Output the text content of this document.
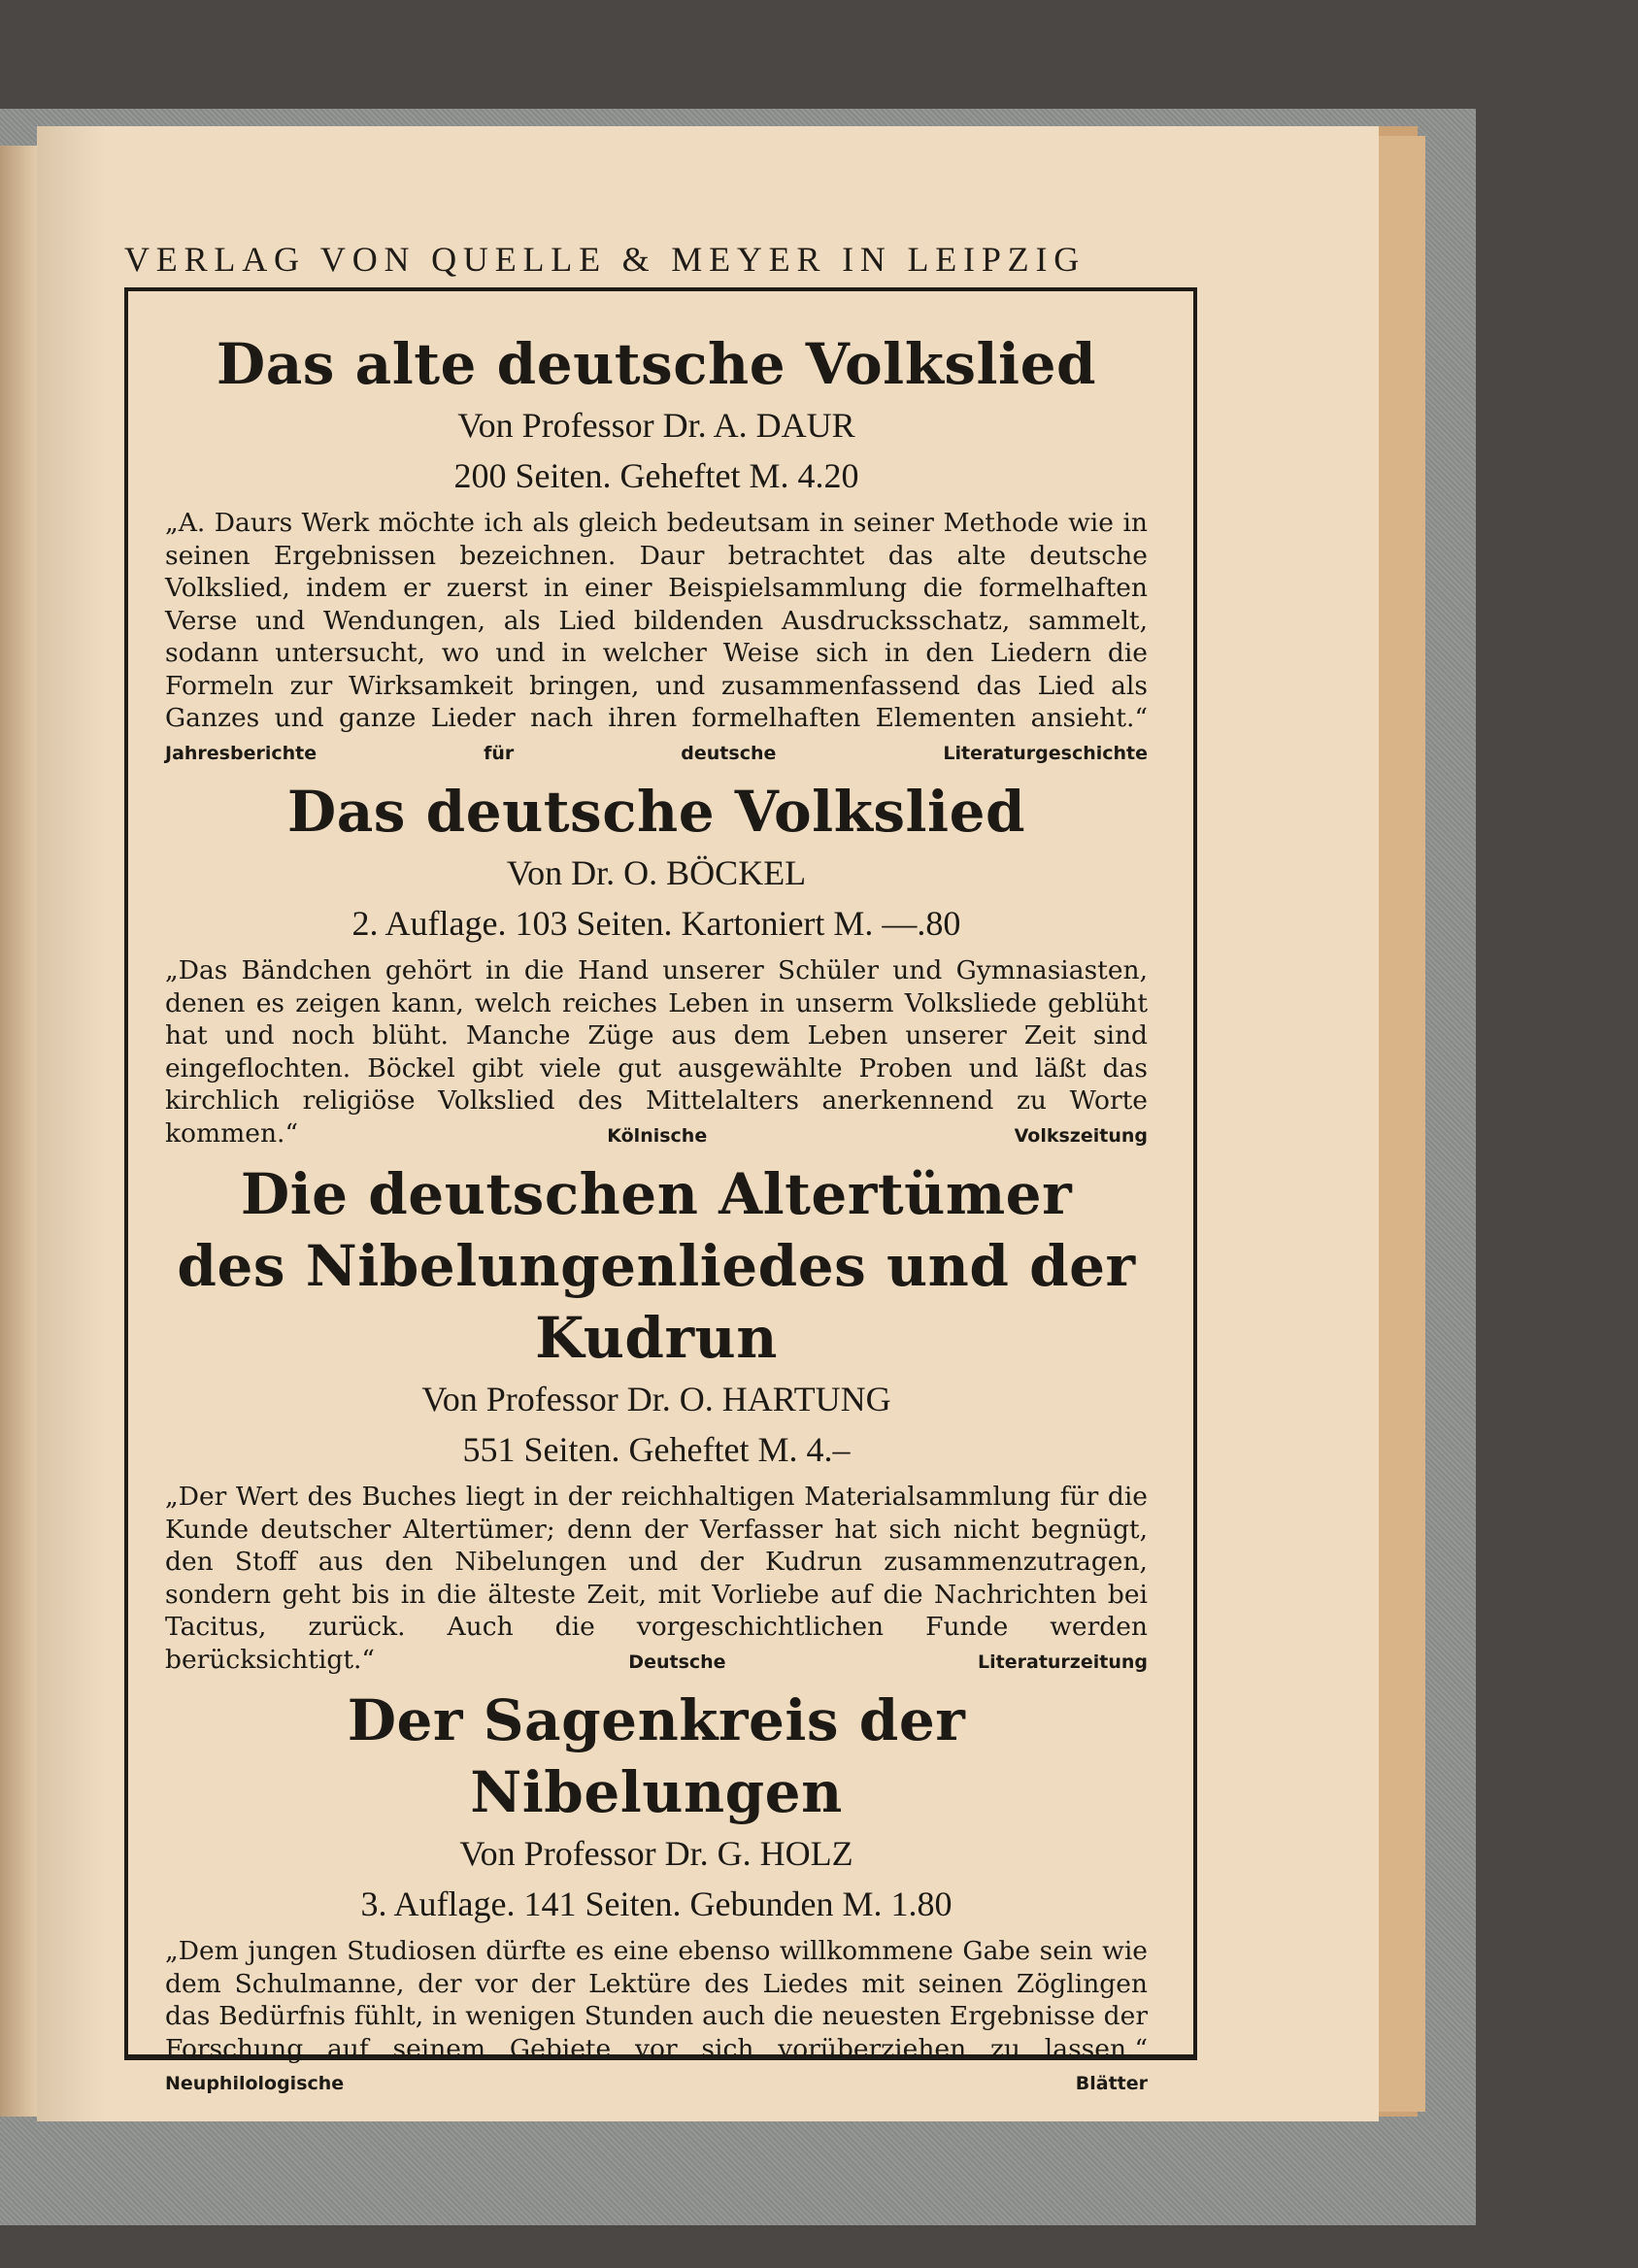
VERLAG VON QUELLE & MEYER IN LEIPZIG
Das alte deutsche Volkslied
Von Professor Dr. A. DAUR
200 Seiten. Geheftet M. 4.20
„A. Daurs Werk möchte ich als gleich bedeutsam in seiner Methode wie in seinen Ergebnissen bezeichnen. Daur betrachtet das alte deutsche Volkslied, indem er zuerst in einer Beispielsammlung die formelhaften Verse und Wendungen, als Lied bildenden Ausdrucksschatz, sammelt, sodann untersucht, wo und in welcher Weise sich in den Liedern die Formeln zur Wirksamkeit bringen, und zusammenfassend das Lied als Ganzes und ganze Lieder nach ihren formelhaften Elementen ansieht.“ Jahresberichte für deutsche Literaturgeschichte
Das deutsche Volkslied
Von Dr. O. BÖCKEL
2. Auflage. 103 Seiten. Kartoniert M. —.80
„Das Bändchen gehört in die Hand unserer Schüler und Gymnasiasten, denen es zeigen kann, welch reiches Leben in unserm Volksliede geblüht hat und noch blüht. Manche Züge aus dem Leben unserer Zeit sind eingeflochten. Böckel gibt viele gut ausgewählte Proben und läßt das kirchlich religiöse Volkslied des Mittelalters anerkennend zu Worte kommen.“	Kölnische Volkszeitung
Die deutschen Altertümer
des Nibelungenliedes und der Kudrun
Von Professor Dr. O. HARTUNG
551 Seiten. Geheftet M. 4.–
„Der Wert des Buches liegt in der reichhaltigen Materialsammlung für die Kunde deutscher Altertümer; denn der Verfasser hat sich nicht begnügt, den Stoff aus den Nibelungen und der Kudrun zusammenzutragen, sondern geht bis in die älteste Zeit, mit Vorliebe auf die Nachrichten bei Tacitus, zurück. Auch die vorgeschichtlichen Funde werden berücksichtigt.“	Deutsche Literaturzeitung
Der Sagenkreis der Nibelungen
Von Professor Dr. G. HOLZ
3. Auflage. 141 Seiten. Gebunden M. 1.80
„Dem jungen Studiosen dürfte es eine ebenso willkommene Gabe sein wie dem Schulmanne, der vor der Lektüre des Liedes mit seinen Zöglingen das Bedürfnis fühlt, in wenigen Stunden auch die neuesten Ergebnisse der Forschung auf seinem Gebiete vor sich vorüberziehen zu lassen.“ Neuphilologische Blätter
